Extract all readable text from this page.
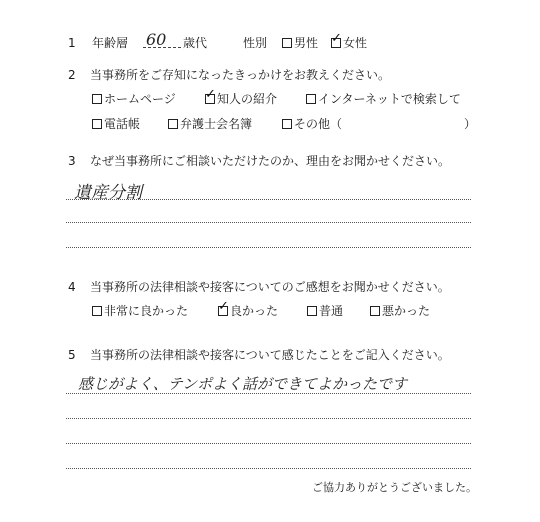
1 年齢層 60 歳代	性別	男性 ✓ 女性
2 当事務所をご存知になったきっかけをお教えください。
ホームページ ✓ 知人の紹介	インターネットで検索して
電話帳	弁護士会名簿	その他（	）
3 なぜ当事務所にご相談いただけたのか、理由をお聞かせください。
遺産分割
4 当事務所の法律相談や接客についてのご感想をお聞かせください。
非常に良かった ✓ 良かった	普通	悪かった
5 当事務所の法律相談や接客について感じたことをご記入ください。
感じがよく、テンポよく話ができてよかったです
ご協力ありがとうございました。
